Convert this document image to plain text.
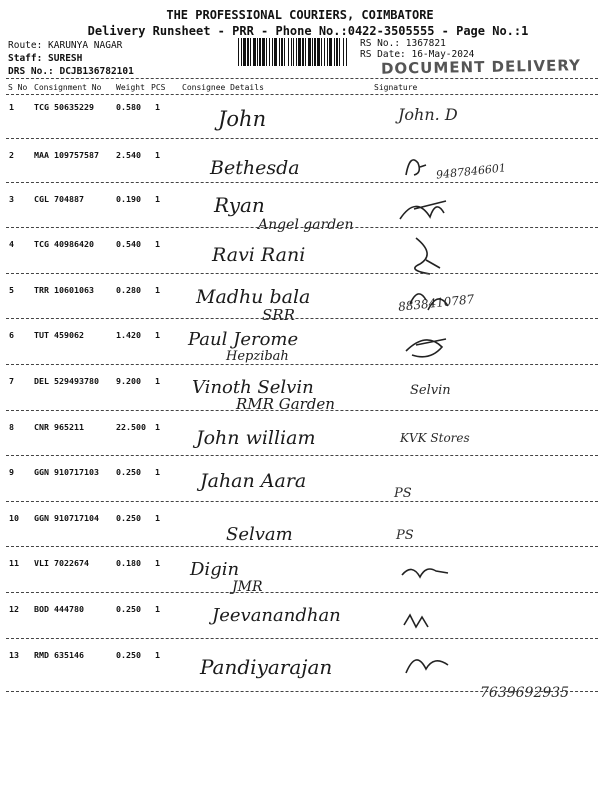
THE PROFESSIONAL COURIERS, COIMBATORE
Delivery Runsheet - PRR - Phone No.:0422-3505555 - Page No.:1
Route: KARUNYA NAGAR
Staff: SURESH
DRS No.: DCJB136782101
RS No.: 1367821
RS Date: 16-May-2024
DOCUMENT DELIVERY
S No Consignment No Weight PCS Consignee Details	Signature
1 TCG 50635229	0.580 1	John	John. D
2 MAA 109757587 2.540 1
Bethesda	9487846601
3 CGL 704887	0.190 1	Ryan
Angel garden
4 TCG 40986420	0.540 1	Ravi Rani
5 TRR 10601063	0.280 1 Madhu bala
SRR
8838410787
6 TUT 459062	1.420 1 Paul Jerome
Hepzibah
7 DEL 529493780 9.200 1 Vinoth Selvin
RMR Garden
Selvin
8 CNR 965211	22.500 1 John william	KVK Stores
9 GGN 910717103 0.250 1 Jahan Aara
PS
10 GGN 910717104 0.250 1
Selvam	PS
11 VLI 7022674	0.180 1 Digin
JMR
12 BOD 444780	0.250 1	Jeevanandhan
13 RMD 635146	0.250 1 Pandiyarajan
7639692935
